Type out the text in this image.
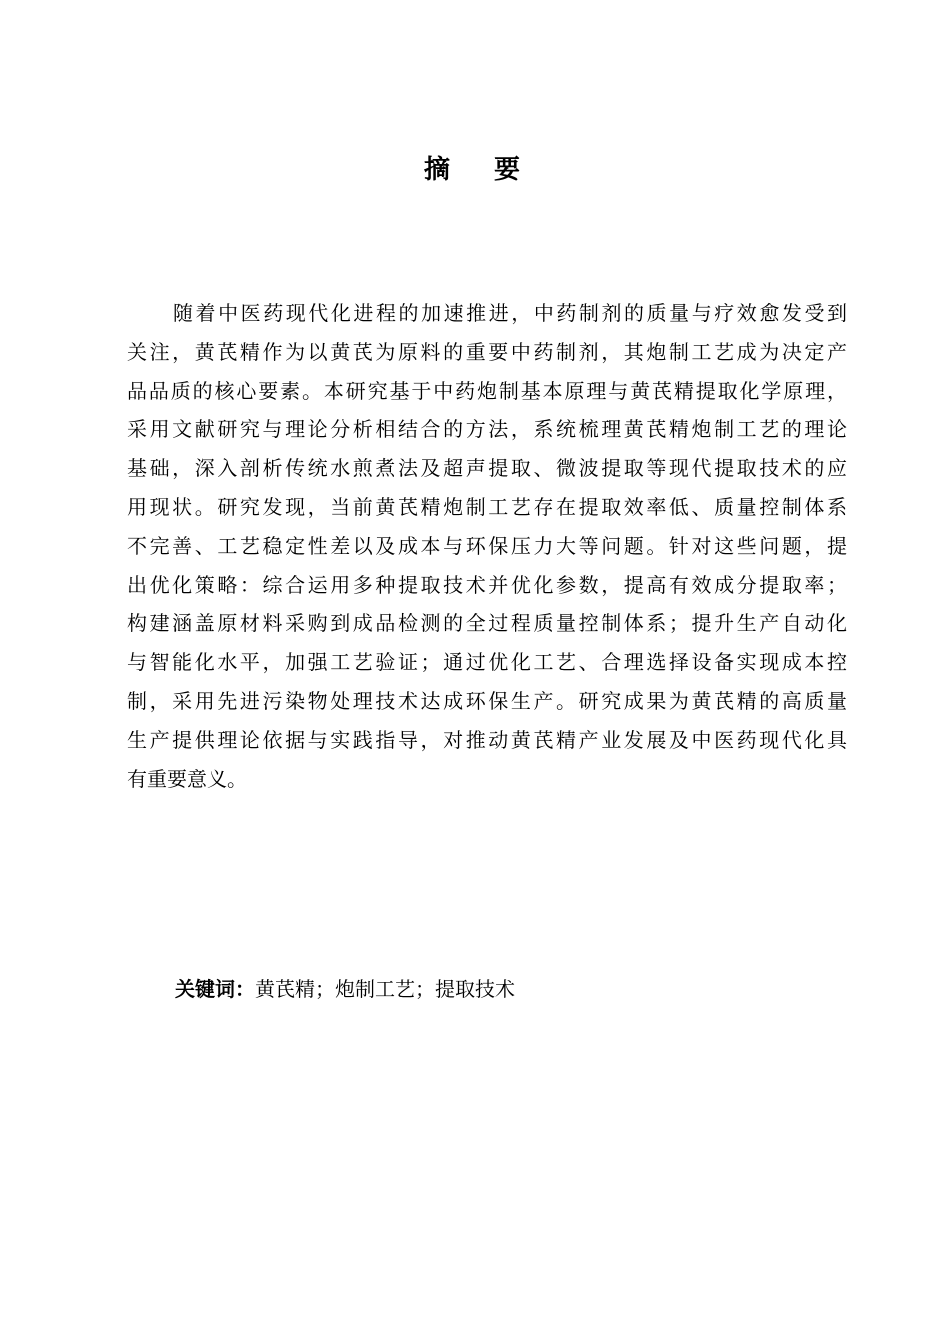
摘要
随着中医药现代化进程的加速推进，中药制剂的质量与疗效愈发受到
关注，黄芪精作为以黄芪为原料的重要中药制剂，其炮制工艺成为决定产
品品质的核心要素。本研究基于中药炮制基本原理与黄芪精提取化学原理，
采用文献研究与理论分析相结合的方法，系统梳理黄芪精炮制工艺的理论
基础，深入剖析传统水煎煮法及超声提取、微波提取等现代提取技术的应
用现状。研究发现，当前黄芪精炮制工艺存在提取效率低、质量控制体系
不完善、工艺稳定性差以及成本与环保压力大等问题。针对这些问题，提
出优化策略：综合运用多种提取技术并优化参数，提高有效成分提取率；
构建涵盖原材料采购到成品检测的全过程质量控制体系；提升生产自动化
与智能化水平，加强工艺验证；通过优化工艺、合理选择设备实现成本控
制，采用先进污染物处理技术达成环保生产。研究成果为黄芪精的高质量
生产提供理论依据与实践指导，对推动黄芪精产业发展及中医药现代化具
有重要意义。
关键词：黄芪精；炮制工艺；提取技术
